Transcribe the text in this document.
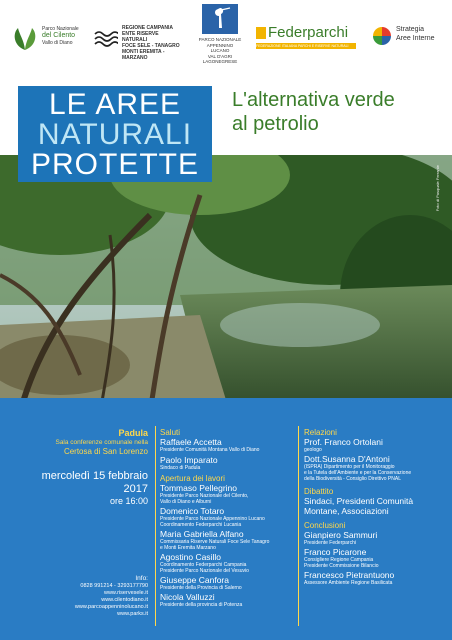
Parco Nazionale
del Cilento
Vallo di Diano
REGIONE CAMPANIA
ENTE RISERVE NATURALI
FOCE SELE - TANAGRO
MONTI EREMITA - MARZANO
PARCO NAZIONALE
APPENNINO LUCANO
VAL D'AGRI LAGONEGRESE
Federparchi
FEDERAZIONE ITALIANA PARCHI E RISERVE NATURALI
Strategia
Aree Interne
Foto di Pasquale Ferrante
LE AREE
NATURALI
PROTETTE
L'alternativa verde
al petrolio
Padula
Sala conferenze comunale nella
Certosa di San Lorenzo
mercoledì 15 febbraio
2017
ore 16:00
Info:
0828 991214 - 3293177790
www.riservesele.it
www.cilentodiano.it
www.parcoappenninolucano.it
www.parks.it
Saluti
Raffaele Accetta
Presidente Comunità Montana Vallo di Diano
Paolo Imparato
Sindaco di Padula
Apertura dei lavori
Tommaso Pellegrino
Presidente Parco Nazionale del Cilento,
Vallo di Diano e Alburni
Domenico Totaro
Presidente Parco Nazionale Appennino Lucano
Coordinamento Federparchi Lucania
Maria Gabriella Alfano
Commissaria Riserve Naturali Foce Sele Tanagro
e Monti Eremita Marzano
Agostino Casillo
Coordinamento Federparchi Campania
Presidente Parco Nazionale del Vesuvio
Giuseppe Canfora
Presidente della Provincia di Salerno
Nicola Valluzzi
Presidente della provincia di Potenza
Relazioni
Prof. Franco Ortolani
geologo
Dott.Susanna D'Antoni
(ISPRA) Dipartimento per il Monitoraggio
e la Tutela dell'Ambiente e per la Conservazione
della Biodiversità - Consiglio Direttivo PNAL
Dibattito
Sindaci, Presidenti Comunità
Montane, Associazioni
Conclusioni
Gianpiero Sammuri
Presidente Federparchi
Franco Picarone
Consigliere Regione Campania
Presidente Commissione Bilancio
Francesco Pietrantuono
Assessore Ambiente Regione Basilicata
